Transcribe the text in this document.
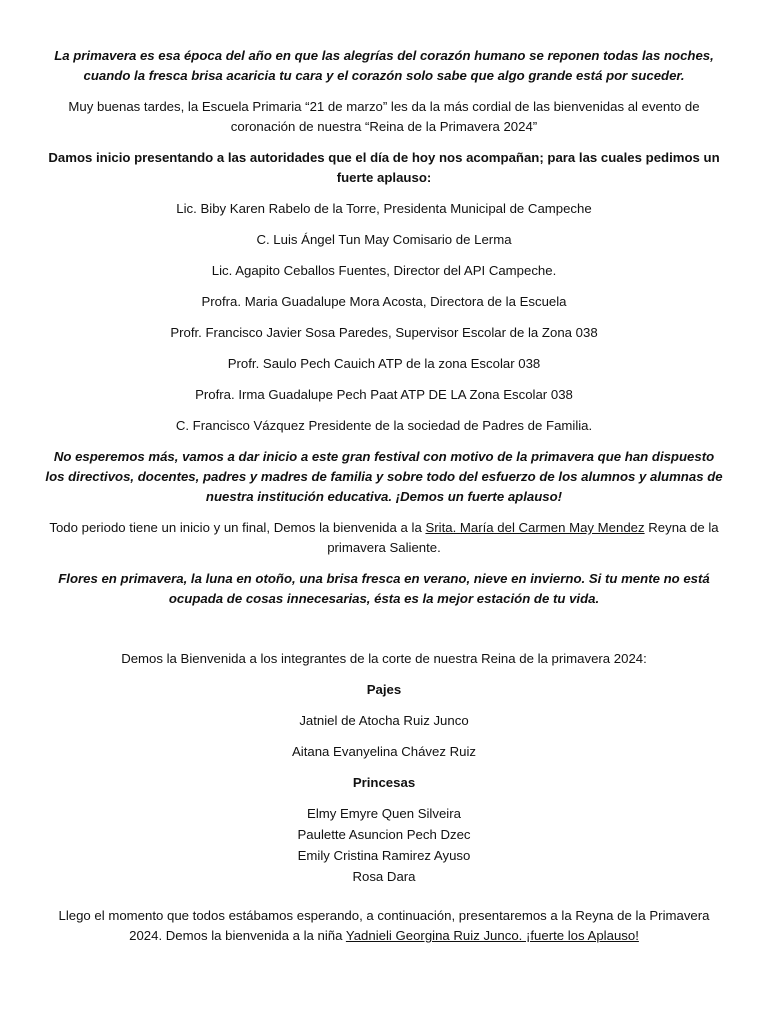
La primavera es esa época del año en que las alegrías del corazón humano se reponen todas las noches, cuando la fresca brisa acaricia tu cara y el corazón solo sabe que algo grande está por suceder.

Muy buenas tardes, la Escuela Primaria “21 de marzo” les da la más cordial de las bienvenidas al evento de coronación de nuestra “Reina de la Primavera 2024”

Damos inicio presentando a las autoridades que el día de hoy nos acompañan; para las cuales pedimos un fuerte aplauso:

Lic. Biby Karen Rabelo de la Torre, Presidenta Municipal de Campeche

C. Luis Ángel Tun May Comisario de Lerma

Lic. Agapito Ceballos Fuentes, Director del API Campeche.

Profra. Maria Guadalupe Mora Acosta, Directora de la Escuela

Profr. Francisco Javier Sosa Paredes, Supervisor Escolar de la Zona 038

Profr. Saulo Pech Cauich ATP de la zona Escolar 038

Profra. Irma Guadalupe Pech Paat ATP DE LA Zona Escolar 038

C. Francisco Vázquez Presidente de la sociedad de Padres de Familia.

No esperemos más, vamos a dar inicio a este gran festival con motivo de la primavera que han dispuesto los directivos, docentes, padres y madres de familia y sobre todo del esfuerzo de los alumnos y alumnas de nuestra institución educativa. ¡Demos un fuerte aplauso!

Todo periodo tiene un inicio y un final, Demos la bienvenida a la Srita. María del Carmen May Mendez Reyna de la primavera Saliente.

Flores en primavera, la luna en otoño, una brisa fresca en verano, nieve en invierno. Si tu mente no está ocupada de cosas innecesarias, ésta es la mejor estación de tu vida.

Demos la Bienvenida a los integrantes de la corte de nuestra Reina de la primavera 2024:

Pajes

Jatniel de Atocha Ruiz Junco

Aitana Evanyelina Chávez Ruiz

Princesas

Elmy Emyre Quen Silveira

Paulette Asuncion Pech Dzec

Emily Cristina Ramirez Ayuso

Rosa Dara

Llego el momento que todos estábamos esperando, a continuación, presentaremos a la Reyna de la Primavera 2024. Demos la bienvenida a la niña Yadnieli Georgina Ruiz Junco. ¡fuerte los Aplauso!
